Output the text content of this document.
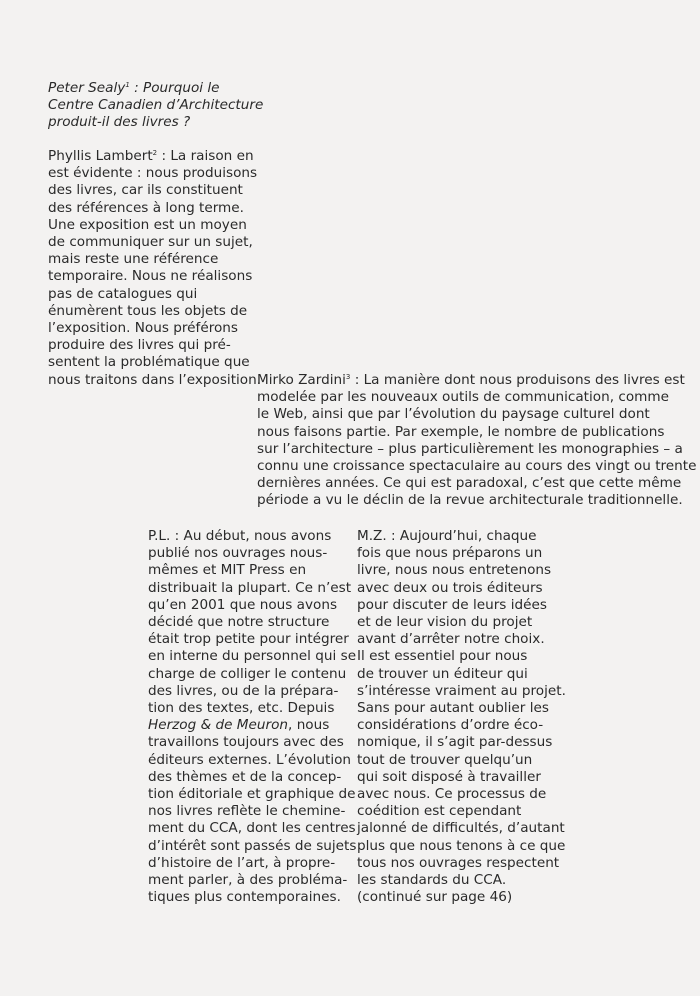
Peter Sealy$^1$ : Pourquoi le
Centre Canadien d’Architecture
produit-il des livres ?
Phyllis Lambert$^2$ : La raison en
est évidente : nous produisons
des livres, car ils constituent
des références à long terme.
Une exposition est un moyen
de communiquer sur un sujet,
mais reste une référence
temporaire. Nous ne réalisons
pas de catalogues qui
énumèrent tous les objets de
l’exposition. Nous préférons
produire des livres qui pré-
sentent la problématique que
nous traitons dans l’exposition.
Mirko Zardini$^3$ : La manière dont nous produisons des livres est
modelée par les nouveaux outils de communication, comme
le Web, ainsi que par l’évolution du paysage culturel dont
nous faisons partie. Par exemple, le nombre de publications
sur l’architecture – plus particulièrement les monographies – a
connu une croissance spectaculaire au cours des vingt ou trente
dernières années. Ce qui est paradoxal, c’est que cette même
période a vu le déclin de la revue architecturale traditionnelle.
P.L. : Au début, nous avons
publié nos ouvrages nous-
mêmes et MIT Press en
distribuait la plupart. Ce n’est
qu’en 2001 que nous avons
décidé que notre structure
était trop petite pour intégrer
en interne du personnel qui se
charge de colliger le contenu
des livres, ou de la prépara-
tion des textes, etc. Depuis
Herzog & de Meuron, nous
travaillons toujours avec des
éditeurs externes. L’évolution
des thèmes et de la concep-
tion éditoriale et graphique de
nos livres reflète le chemine-
ment du CCA, dont les centres
d’intérêt sont passés de sujets
d’histoire de l’art, à propre-
ment parler, à des probléma-
tiques plus contemporaines.
M.Z. : Aujourd’hui, chaque
fois que nous préparons un
livre, nous nous entretenons
avec deux ou trois éditeurs
pour discuter de leurs idées
et de leur vision du projet
avant d’arrêter notre choix.
Il est essentiel pour nous
de trouver un éditeur qui
s’intéresse vraiment au projet.
Sans pour autant oublier les
considérations d’ordre éco-
nomique, il s’agit par-dessus
tout de trouver quelqu’un
qui soit disposé à travailler
avec nous. Ce processus de
coédition est cependant
jalonné de difficultés, d’autant
plus que nous tenons à ce que
tous nos ouvrages respectent
les standards du CCA.
(continué sur page 46)
